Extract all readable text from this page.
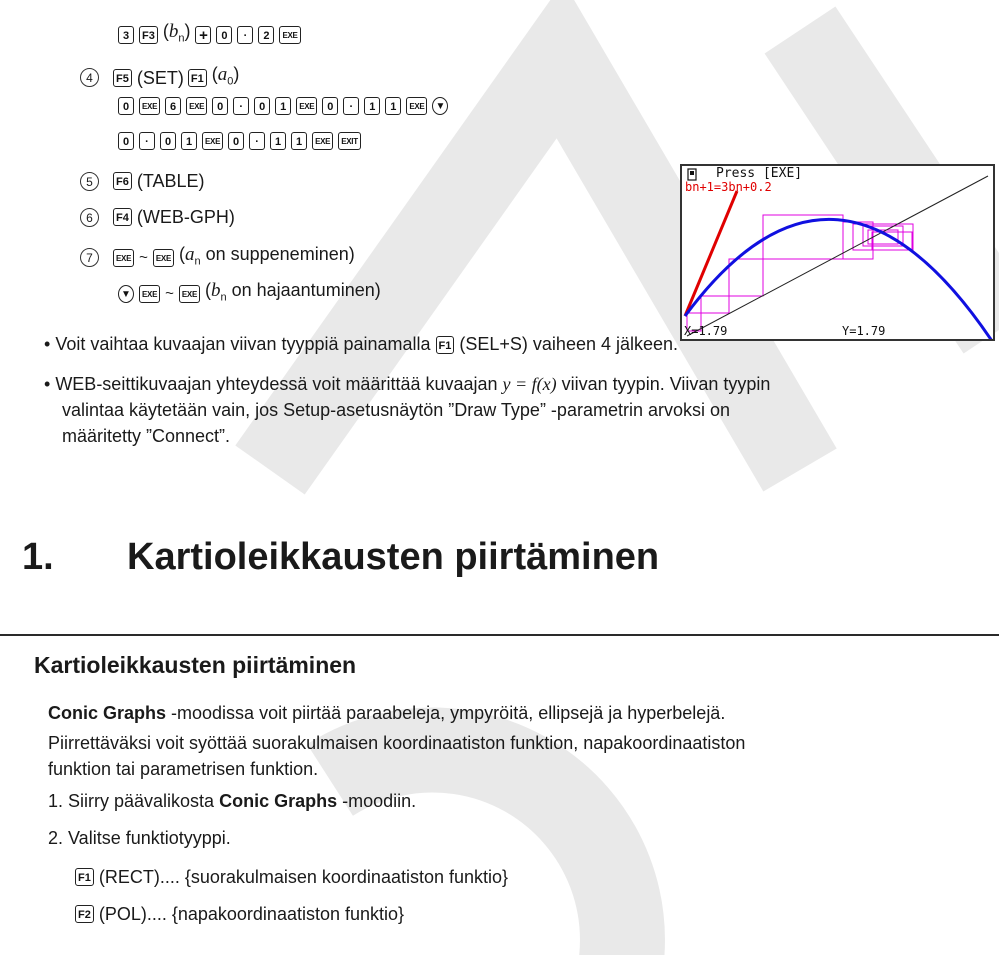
3	F3 $(b_n)$ +	0	·	2	EXE
4	F5 (SET) F1 $(a_0)$
0	EXE	6	EXE	0	·	0	1	EXE	0	·	1	1	EXE	▼
0	·	0	1	EXE	0	·	1	1	EXE	EXIT
5	F6 (TABLE)
6	F4 (WEB-GPH)
7	EXE ~	EXE ($a_n$ on suppeneminen)
▼	EXE ~	EXE ($b_n$ on hajaantuminen)
Press [EXE]
bn+1=3bn+0.2
X=1.79	Y=1.79
• Voit vaihtaa kuvaajan viivan tyyppiä painamalla F1 (SEL+S) vaiheen 4 jälkeen.
• WEB-seittikuvaajan yhteydessä voit määrittää kuvaajan y = f(x) viivan tyypin. Viivan tyypin
valintaa käytetään vain, jos Setup-asetusnäytön ”Draw Type” -parametrin arvoksi on
määritetty ”Connect”.
1. Kartioleikkausten piirtäminen
Kartioleikkausten piirtäminen
Conic Graphs -moodissa voit piirtää paraabeleja, ympyröitä, ellipsejä ja hyperbelejä.
Piirrettäväksi voit syöttää suorakulmaisen koordinaatiston funktion, napakoordinaatiston
funktion tai parametrisen funktion.
1. Siirry päävalikosta Conic Graphs -moodiin.
2. Valitse funktiotyyppi.
F1 (RECT).... {suorakulmaisen koordinaatiston funktio}
F2 (POL).... {napakoordinaatiston funktio}
